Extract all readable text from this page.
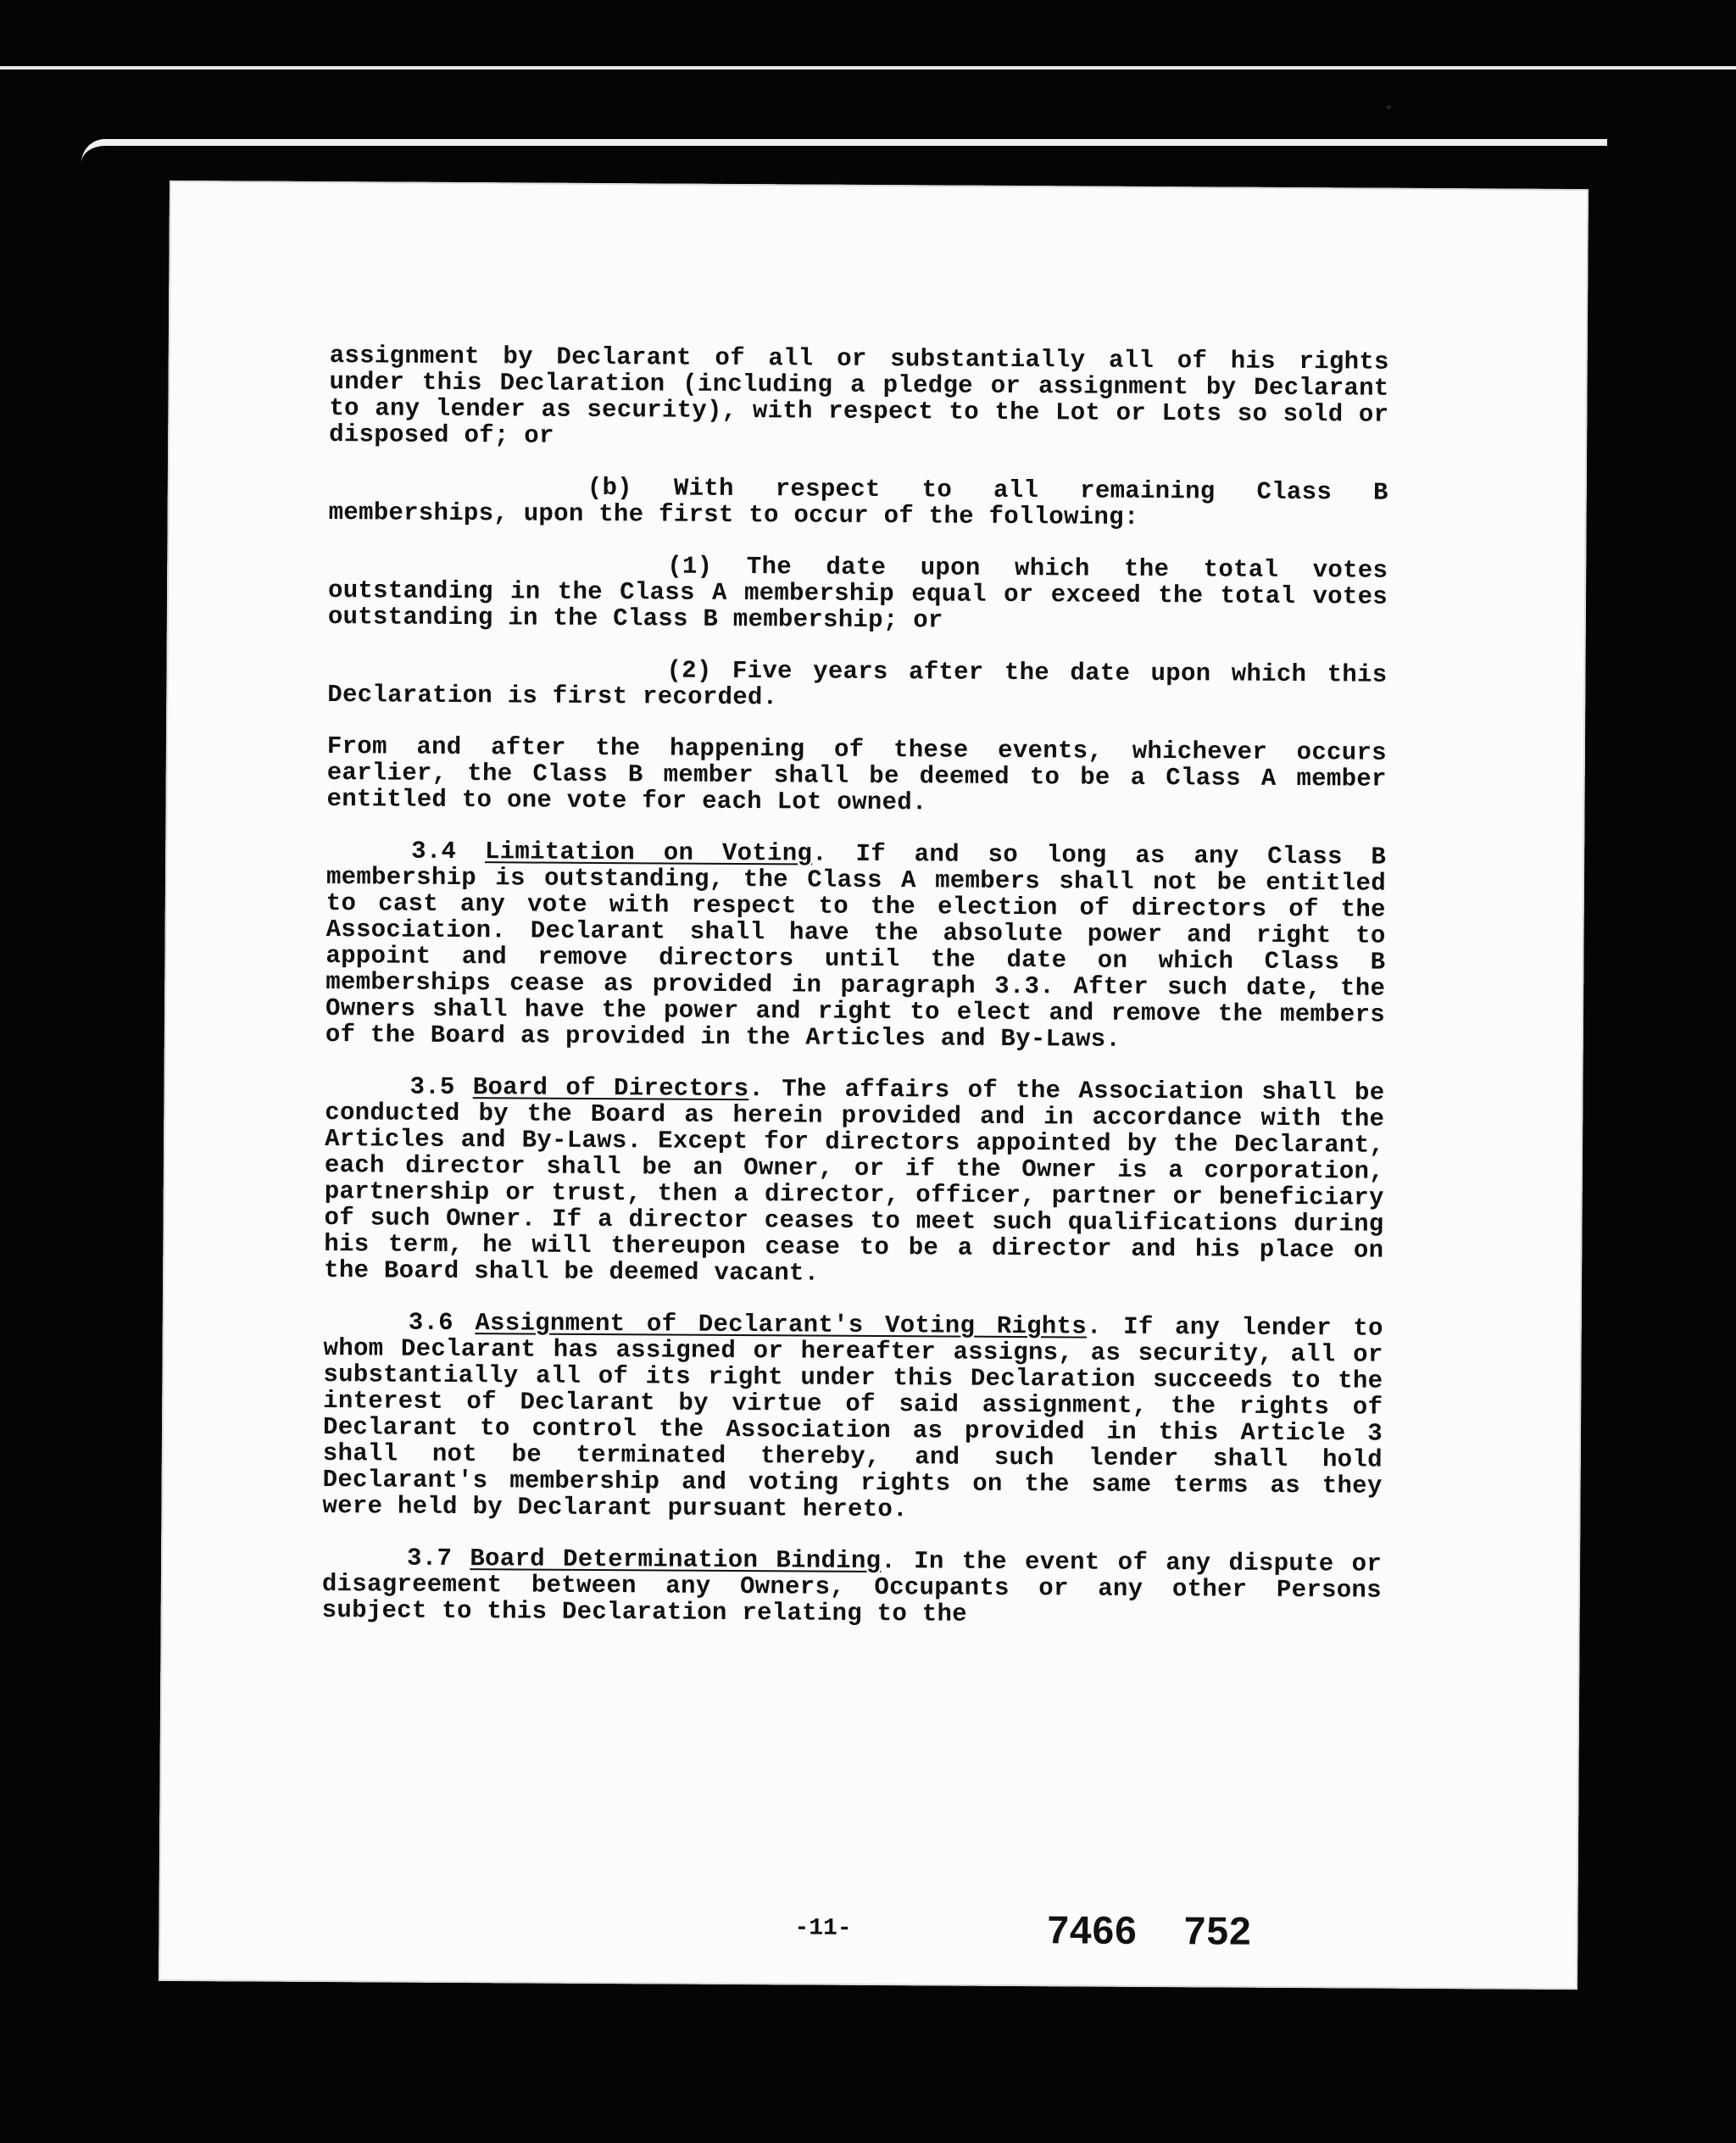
assignment by Declarant of all or substantially all of his rights under this Declaration (including a pledge or assignment by Declarant to any lender as security), with respect to the Lot or Lots so sold or disposed of; or

(b) With respect to all remaining Class B memberships, upon the first to occur of the following:

(1) The date upon which the total votes outstanding in the Class A membership equal or exceed the total votes outstanding in the Class B membership; or

(2) Five years after the date upon which this Declaration is first recorded.

From and after the happening of these events, whichever occurs earlier, the Class B member shall be deemed to be a Class A member entitled to one vote for each Lot owned.

3.4 Limitation on Voting. If and so long as any Class B membership is outstanding, the Class A members shall not be entitled to cast any vote with respect to the election of directors of the Association. Declarant shall have the absolute power and right to appoint and remove directors until the date on which Class B memberships cease as provided in paragraph 3.3. After such date, the Owners shall have the power and right to elect and remove the members of the Board as provided in the Articles and By-Laws.

3.5 Board of Directors. The affairs of the Association shall be conducted by the Board as herein provided and in accordance with the Articles and By-Laws. Except for directors appointed by the Declarant, each director shall be an Owner, or if the Owner is a corporation, partnership or trust, then a director, officer, partner or beneficiary of such Owner. If a director ceases to meet such qualifications during his term, he will thereupon cease to be a director and his place on the Board shall be deemed vacant.

3.6 Assignment of Declarant's Voting Rights. If any lender to whom Declarant has assigned or hereafter assigns, as security, all or substantially all of its right under this Declaration succeeds to the interest of Declarant by virtue of said assignment, the rights of Declarant to control the Association as provided in this Article 3 shall not be terminated thereby, and such lender shall hold Declarant's membership and voting rights on the same terms as they were held by Declarant pursuant hereto.

3.7 Board Determination Binding. In the event of any dispute or disagreement between any Owners, Occupants or any other Persons subject to this Declaration relating to the

-11-	7466 752
